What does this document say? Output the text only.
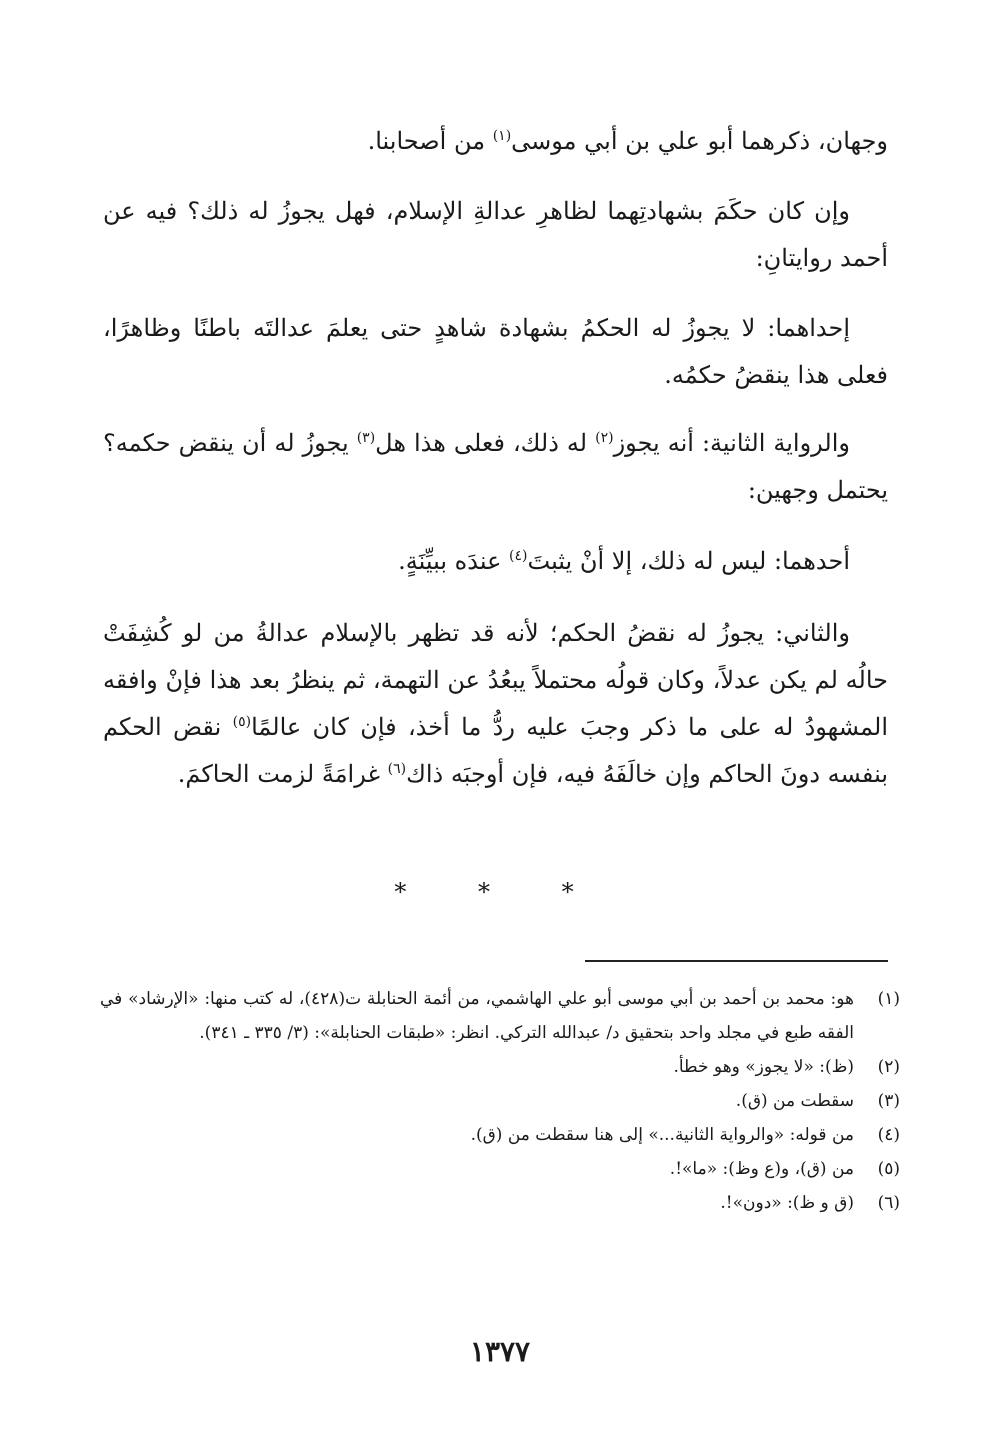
وجهان، ذكرهما أبو علي بن أبي موسى$^{(١)}$ من أصحابنا.

وإن كان حكَمَ بشهادتِهما لظاهرِ عدالةِ الإسلام، فهل يجوزُ له ذلك؟ فيه عن أحمد روايتانِ:

إحداهما: لا يجوزُ له الحكمُ بشهادة شاهدٍ حتى يعلمَ عدالتَه باطنًا وظاهرًا، فعلى هذا ينقضُ حكمُه.

والرواية الثانية: أنه يجوز$^{(٢)}$ له ذلك، فعلى هذا هل$^{(٣)}$ يجوزُ له أن ينقض حكمه؟ يحتمل وجهين:

أحدهما: ليس له ذلك، إلا أنْ يثبتَ$^{(٤)}$ عندَه ببيِّنَةٍ.

والثاني: يجوزُ له نقضُ الحكم؛ لأنه قد تظهر بالإسلام عدالةُ من لو كُشِفَتْ حالُه لم يكن عدلاً، وكان قولُه محتملاً يبعُدُ عن التهمة، ثم ينظرُ بعد هذا فإنْ وافقه المشهودُ له على ما ذكر وجبَ عليه ردُّ ما أخذ، فإن كان عالمًا$^{(٥)}$ نقض الحكم بنفسه دونَ الحاكم وإن خالَفَهُ فيه، فإن أوجبَه ذاك$^{(٦)}$ غرامَةً لزمت الحاكمَ.

* * *
(١)
هو: محمد بن أحمد بن أبي موسى أبو علي الهاشمي، من أئمة الحنابلة ت(٤٢٨)، له كتب منها: «الإرشاد» في الفقه طبع في مجلد واحد بتحقيق د/ عبدالله التركي. انظر: «طبقات الحنابلة»: (٣/ ٣٣٥ ـ ٣٤١).
(٢)
(ظ): «لا يجوز» وهو خطأ.
(٣)
سقطت من (ق).
(٤)
من قوله: «والرواية الثانية...» إلى هنا سقطت من (ق).
(٥)
من (ق)، و(ع وظ): «ما»!.
(٦)
(ق و ظ): «دون»!.
١٣٧٧
